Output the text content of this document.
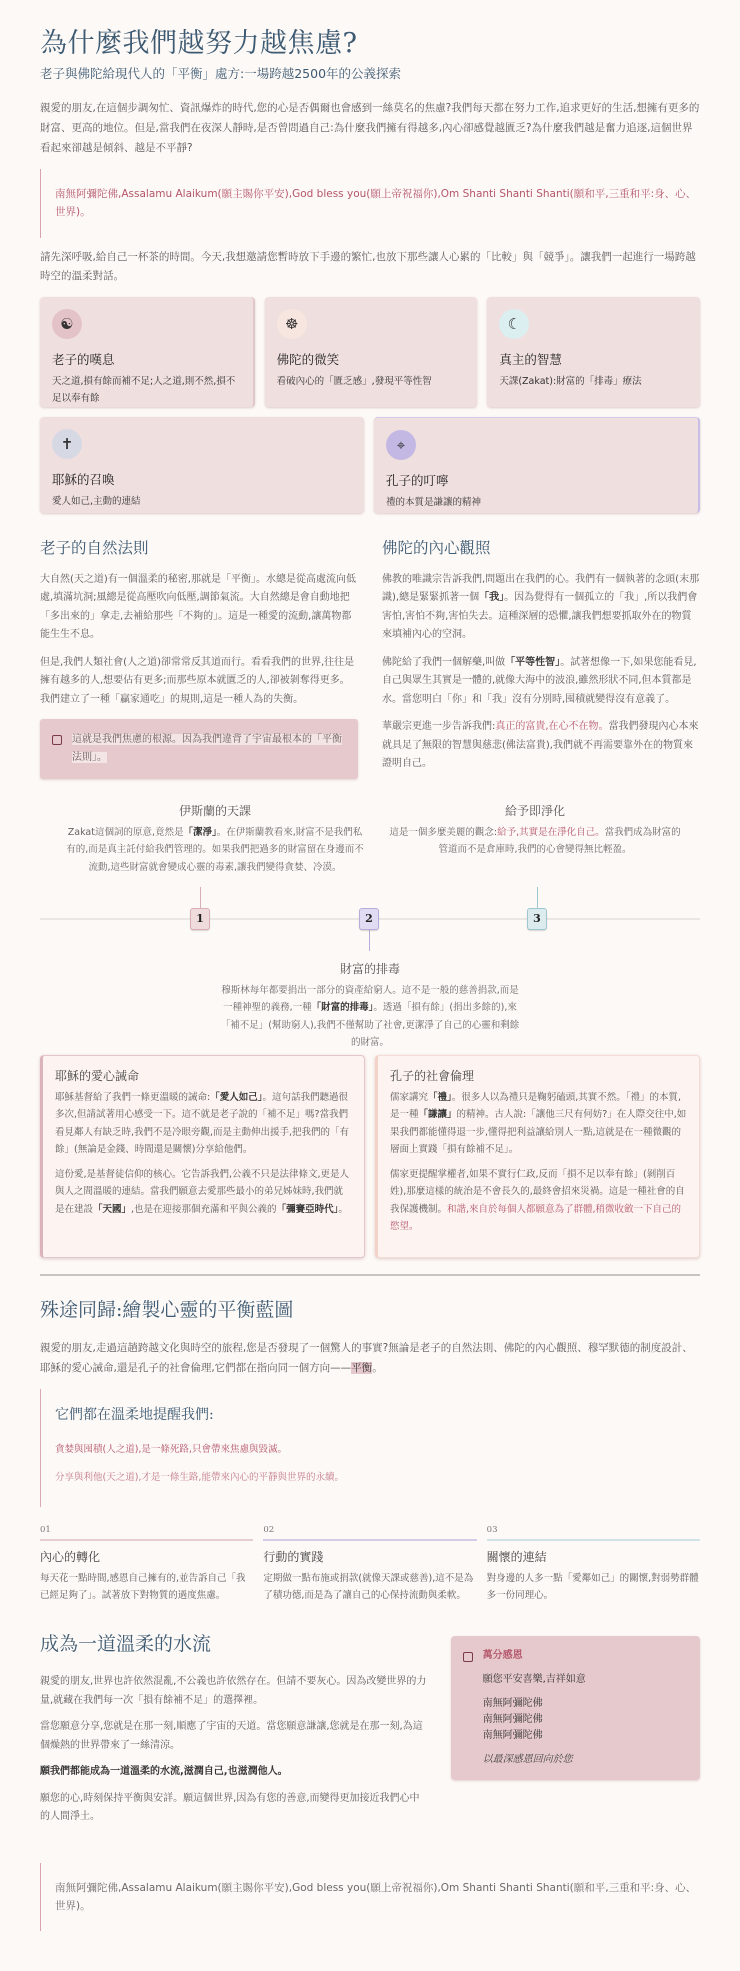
為什麼我們越努力越焦慮?
老子與佛陀給現代人的「平衡」處方:一場跨越2500年的公義探索

親愛的朋友,在這個步調匆忙、資訊爆炸的時代,您的心是否偶爾也會感到一絲莫名的焦慮?我們每天都在努力工作,追求更好的生活,想擁有更多的財富、更高的地位。但是,當我們在夜深人靜時,是否曾問過自己:為什麼我們擁有得越多,內心卻感覺越匱乏?為什麼我們越是奮力追逐,這個世界看起來卻越是傾斜、越是不平靜?

南無阿彌陀佛,Assalamu Alaikum(願主賜你平安),God bless you(願上帝祝福你),Om Shanti Shanti Shanti(願和平,三重和平:身、心、世界)。

請先深呼吸,給自己一杯茶的時間。今天,我想邀請您暫時放下手邊的繁忙,也放下那些讓人心累的「比較」與「競爭」。讓我們一起進行一場跨越時空的溫柔對話。

☯
老子的嘆息

天之道,損有餘而補不足;人之道,則不然,損不足以奉有餘

☸
佛陀的微笑

看破內心的「匱乏感」,發現平等性智

☾
真主的智慧

天課(Zakat):財富的「排毒」療法

✝
耶穌的召喚

愛人如己,主動的連結

⌖
孔子的叮嚀

禮的本質是謙讓的精神

老子的自然法則

大自然(天之道)有一個溫柔的秘密,那就是「平衡」。水總是從高處流向低處,填滿坑洞;風總是從高壓吹向低壓,調節氣流。大自然總是會自動地把「多出來的」拿走,去補給那些「不夠的」。這是一種愛的流動,讓萬物都能生生不息。

但是,我們人類社會(人之道)卻常常反其道而行。看看我們的世界,往往是擁有越多的人,想要佔有更多;而那些原本就匱乏的人,卻被剝奪得更多。我們建立了一種「贏家通吃」的規則,這是一種人為的失衡。

這就是我們焦慮的根源。因為我們違背了宇宙最根本的「平衡法則」。
佛陀的內心觀照

佛教的唯識宗告訴我們,問題出在我們的心。我們有一個執著的念頭(末那識),總是緊緊抓著一個「我」。因為覺得有一個孤立的「我」,所以我們會害怕,害怕不夠,害怕失去。這種深層的恐懼,讓我們想要抓取外在的物質來填補內心的空洞。

佛陀給了我們一個解藥,叫做「平等性智」。試著想像一下,如果您能看見,自己與眾生其實是一體的,就像大海中的波浪,雖然形狀不同,但本質都是水。當您明白「你」和「我」沒有分別時,囤積就變得沒有意義了。

華嚴宗更進一步告訴我們:真正的富貴,在心不在物。當我們發現內心本來就具足了無限的智慧與慈悲(佛法富貴),我們就不再需要靠外在的物質來證明自己。

伊斯蘭的天課

Zakat這個詞的原意,竟然是「潔淨」。在伊斯蘭教看來,財富不是我們私有的,而是真主託付給我們管理的。如果我們把過多的財富留在身邊而不流動,這些財富就會變成心靈的毒素,讓我們變得貪婪、冷漠。

給予即淨化

這是一個多麼美麗的觀念:給予,其實是在淨化自己。當我們成為財富的管道而不是倉庫時,我們的心會變得無比輕盈。

1	2	3
財富的排毒

穆斯林每年都要捐出一部分的資產給窮人。這不是一般的慈善捐款,而是一種神聖的義務,一種「財富的排毒」。透過「損有餘」(捐出多餘的),來「補不足」(幫助窮人),我們不僅幫助了社會,更潔淨了自己的心靈和剩餘的財富。

耶穌的愛心誡命

耶穌基督給了我們一條更溫暖的誡命:「愛人如己」。這句話我們聽過很多次,但請試著用心感受一下。這不就是老子說的「補不足」嗎?當我們看見鄰人有缺乏時,我們不是冷眼旁觀,而是主動伸出援手,把我們的「有餘」(無論是金錢、時間還是關懷)分享給他們。

這份愛,是基督徒信仰的核心。它告訴我們,公義不只是法律條文,更是人與人之間溫暖的連結。當我們願意去愛那些最小的弟兄姊妹時,我們就是在建設「天國」,也是在迎接那個充滿和平與公義的「彌賽亞時代」。

孔子的社會倫理

儒家講究「禮」。很多人以為禮只是鞠躬磕頭,其實不然。「禮」的本質,是一種「謙讓」的精神。古人說:「讓他三尺有何妨?」在人際交往中,如果我們都能懂得退一步,懂得把利益讓給別人一點,這就是在一種微觀的層面上實踐「損有餘補不足」。

儒家更提醒掌權者,如果不實行仁政,反而「損不足以奉有餘」(剝削百姓),那麼這樣的統治是不會長久的,最終會招來災禍。這是一種社會的自我保護機制。和諧,來自於每個人都願意為了群體,稍微收斂一下自己的慾望。

殊途同歸:繪製心靈的平衡藍圖

親愛的朋友,走過這趟跨越文化與時空的旅程,您是否發現了一個驚人的事實?無論是老子的自然法則、佛陀的內心觀照、穆罕默德的制度設計、耶穌的愛心誡命,還是孔子的社會倫理,它們都在指向同一個方向——平衡。

它們都在溫柔地提醒我們:

貪婪與囤積(人之道),是一條死路,只會帶來焦慮與毀滅。

分享與利他(天之道),才是一條生路,能帶來內心的平靜與世界的永續。

01
內心的轉化

每天花一點時間,感恩自己擁有的,並告訴自己「我已經足夠了」。試著放下對物質的過度焦慮。

02
行動的實踐

定期做一點布施或捐款(就像天課或慈善),這不是為了積功德,而是為了讓自己的心保持流動與柔軟。

03
關懷的連結

對身邊的人多一點「愛鄰如己」的關懷,對弱勢群體多一份同理心。

成為一道溫柔的水流

親愛的朋友,世界也許依然混亂,不公義也許依然存在。但請不要灰心。因為改變世界的力量,就藏在我們每一次「損有餘補不足」的選擇裡。

當您願意分享,您就是在那一刻,順應了宇宙的天道。當您願意謙讓,您就是在那一刻,為這個燥熱的世界帶來了一絲清涼。

願我們都能成為一道溫柔的水流,滋潤自己,也滋潤他人。

願您的心,時刻保持平衡與安詳。願這個世界,因為有您的善意,而變得更加接近我們心中的人間淨土。

萬分感恩
願您平安喜樂,吉祥如意
南無阿彌陀佛
南無阿彌陀佛
南無阿彌陀佛
以最深感恩回向於您
南無阿彌陀佛,Assalamu Alaikum(願主賜你平安),God bless you(願上帝祝福你),Om Shanti Shanti Shanti(願和平,三重和平:身、心、世界)。
